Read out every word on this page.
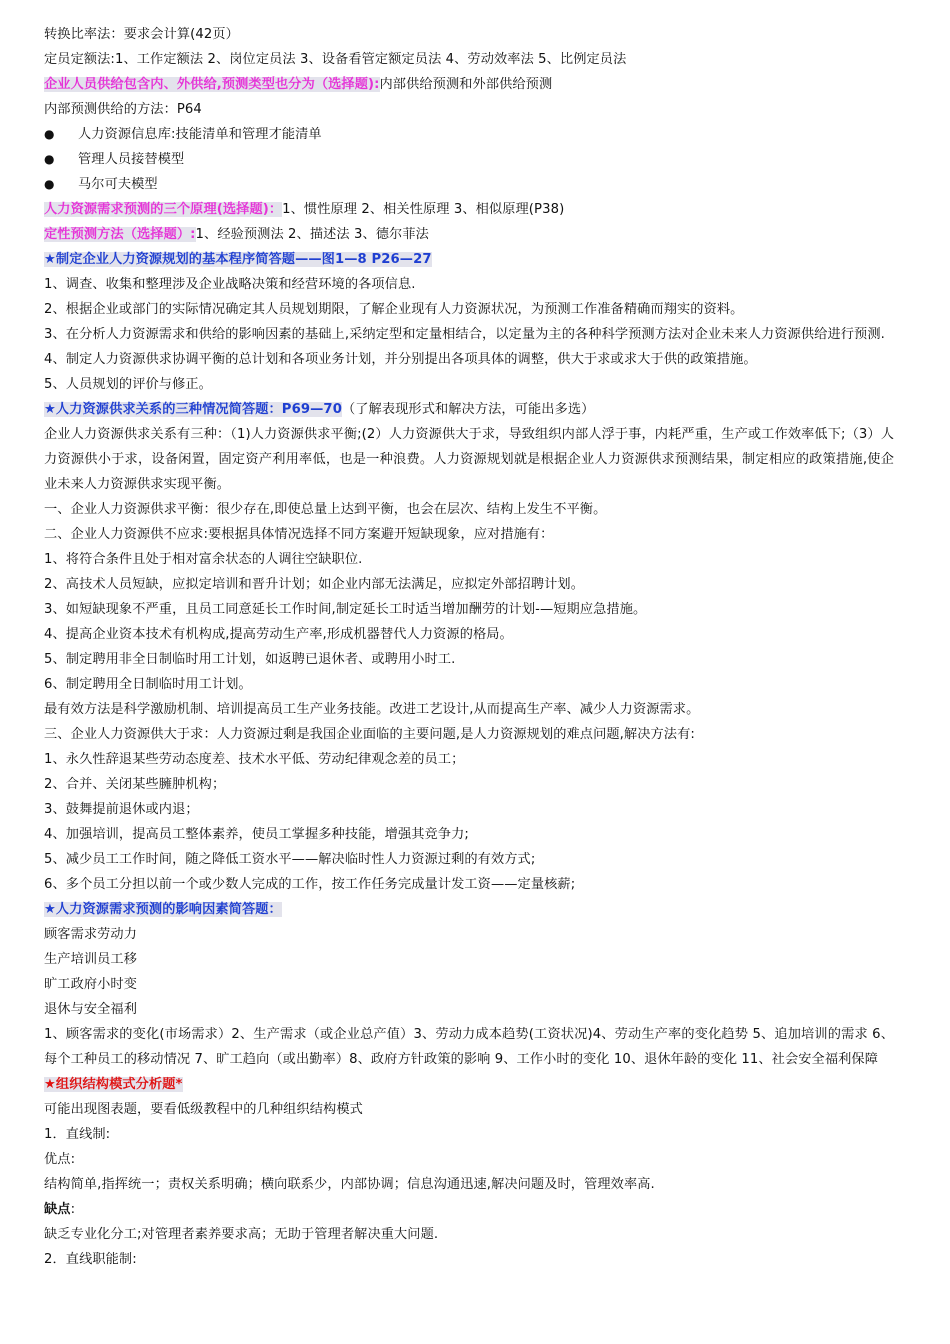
转换比率法：要求会计算(42页）
定员定额法:1、工作定额法 2、岗位定员法 3、设备看管定额定员法 4、劳动效率法 5、比例定员法
企业人员供给包含内、外供给,预测类型也分为（选择题):内部供给预测和外部供给预测
内部预测供给的方法：P64
●	人力资源信息库:技能清单和管理才能清单
●	管理人员接替模型
●	马尔可夫模型
人力资源需求预测的三个原理(选择题)：1、惯性原理 2、相关性原理 3、相似原理(P38)
定性预测方法（选择题）:1、经验预测法 2、描述法 3、德尔菲法
★制定企业人力资源规划的基本程序简答题——图1—8 P26—27
1、调查、收集和整理涉及企业战略决策和经营环境的各项信息.
2、根据企业或部门的实际情况确定其人员规划期限，了解企业现有人力资源状况，为预测工作准备精确而翔实的资料。
3、在分析人力资源需求和供给的影响因素的基础上,采纳定型和定量相结合，以定量为主的各种科学预测方法对企业未来人力资源供给进行预测.
4、制定人力资源供求协调平衡的总计划和各项业务计划，并分别提出各项具体的调整，供大于求或求大于供的政策措施。
5、人员规划的评价与修正。
★人力资源供求关系的三种情况简答题：P69—70（了解表现形式和解决方法，可能出多选）
企业人力资源供求关系有三种：（1)人力资源供求平衡;(2）人力资源供大于求，导致组织内部人浮于事，内耗严重，生产或工作效率低下;（3）人力资源供小于求，设备闲置，固定资产利用率低，也是一种浪费。人力资源规划就是根据企业人力资源供求预测结果，制定相应的政策措施,使企业未来人力资源供求实现平衡。
一、企业人力资源供求平衡：很少存在,即使总量上达到平衡，也会在层次、结构上发生不平衡。
二、企业人力资源供不应求:要根据具体情况选择不同方案避开短缺现象，应对措施有：
1、将符合条件且处于相对富余状态的人调往空缺职位.
2、高技术人员短缺，应拟定培训和晋升计划；如企业内部无法满足，应拟定外部招聘计划。
3、如短缺现象不严重，且员工同意延长工作时间,制定延长工时适当增加酬劳的计划-—短期应急措施。
4、提高企业资本技术有机构成,提高劳动生产率,形成机器替代人力资源的格局。
5、制定聘用非全日制临时用工计划，如返聘已退休者、或聘用小时工.
6、制定聘用全日制临时用工计划。
最有效方法是科学激励机制、培训提高员工生产业务技能。改进工艺设计,从而提高生产率、减少人力资源需求。
三、企业人力资源供大于求：人力资源过剩是我国企业面临的主要问题,是人力资源规划的难点问题,解决方法有:
1、永久性辞退某些劳动态度差、技术水平低、劳动纪律观念差的员工；
2、合并、关闭某些臃肿机构；
3、鼓舞提前退休或内退；
4、加强培训，提高员工整体素养，使员工掌握多种技能，增强其竞争力;
5、减少员工工作时间，随之降低工资水平——解决临时性人力资源过剩的有效方式;
6、多个员工分担以前一个或少数人完成的工作，按工作任务完成量计发工资——定量核薪;
★人力资源需求预测的影响因素简答题：
顾客需求劳动力
生产培训员工移
旷工政府小时变
退休与安全福利
1、顾客需求的变化(市场需求）2、生产需求（或企业总产值）3、劳动力成本趋势(工资状况)4、劳动生产率的变化趋势 5、追加培训的需求 6、每个工种员工的移动情况 7、旷工趋向（或出勤率）8、政府方针政策的影响 9、工作小时的变化 10、退休年龄的变化 11、社会安全福利保障
★组织结构模式分析题*
可能出现图表题，要看低级教程中的几种组织结构模式
1．直线制:
优点:
结构简单,指挥统一；责权关系明确；横向联系少，内部协调；信息沟通迅速,解决问题及时，管理效率高.
缺点:
缺乏专业化分工;对管理者素养要求高；无助于管理者解决重大问题.
2．直线职能制:
